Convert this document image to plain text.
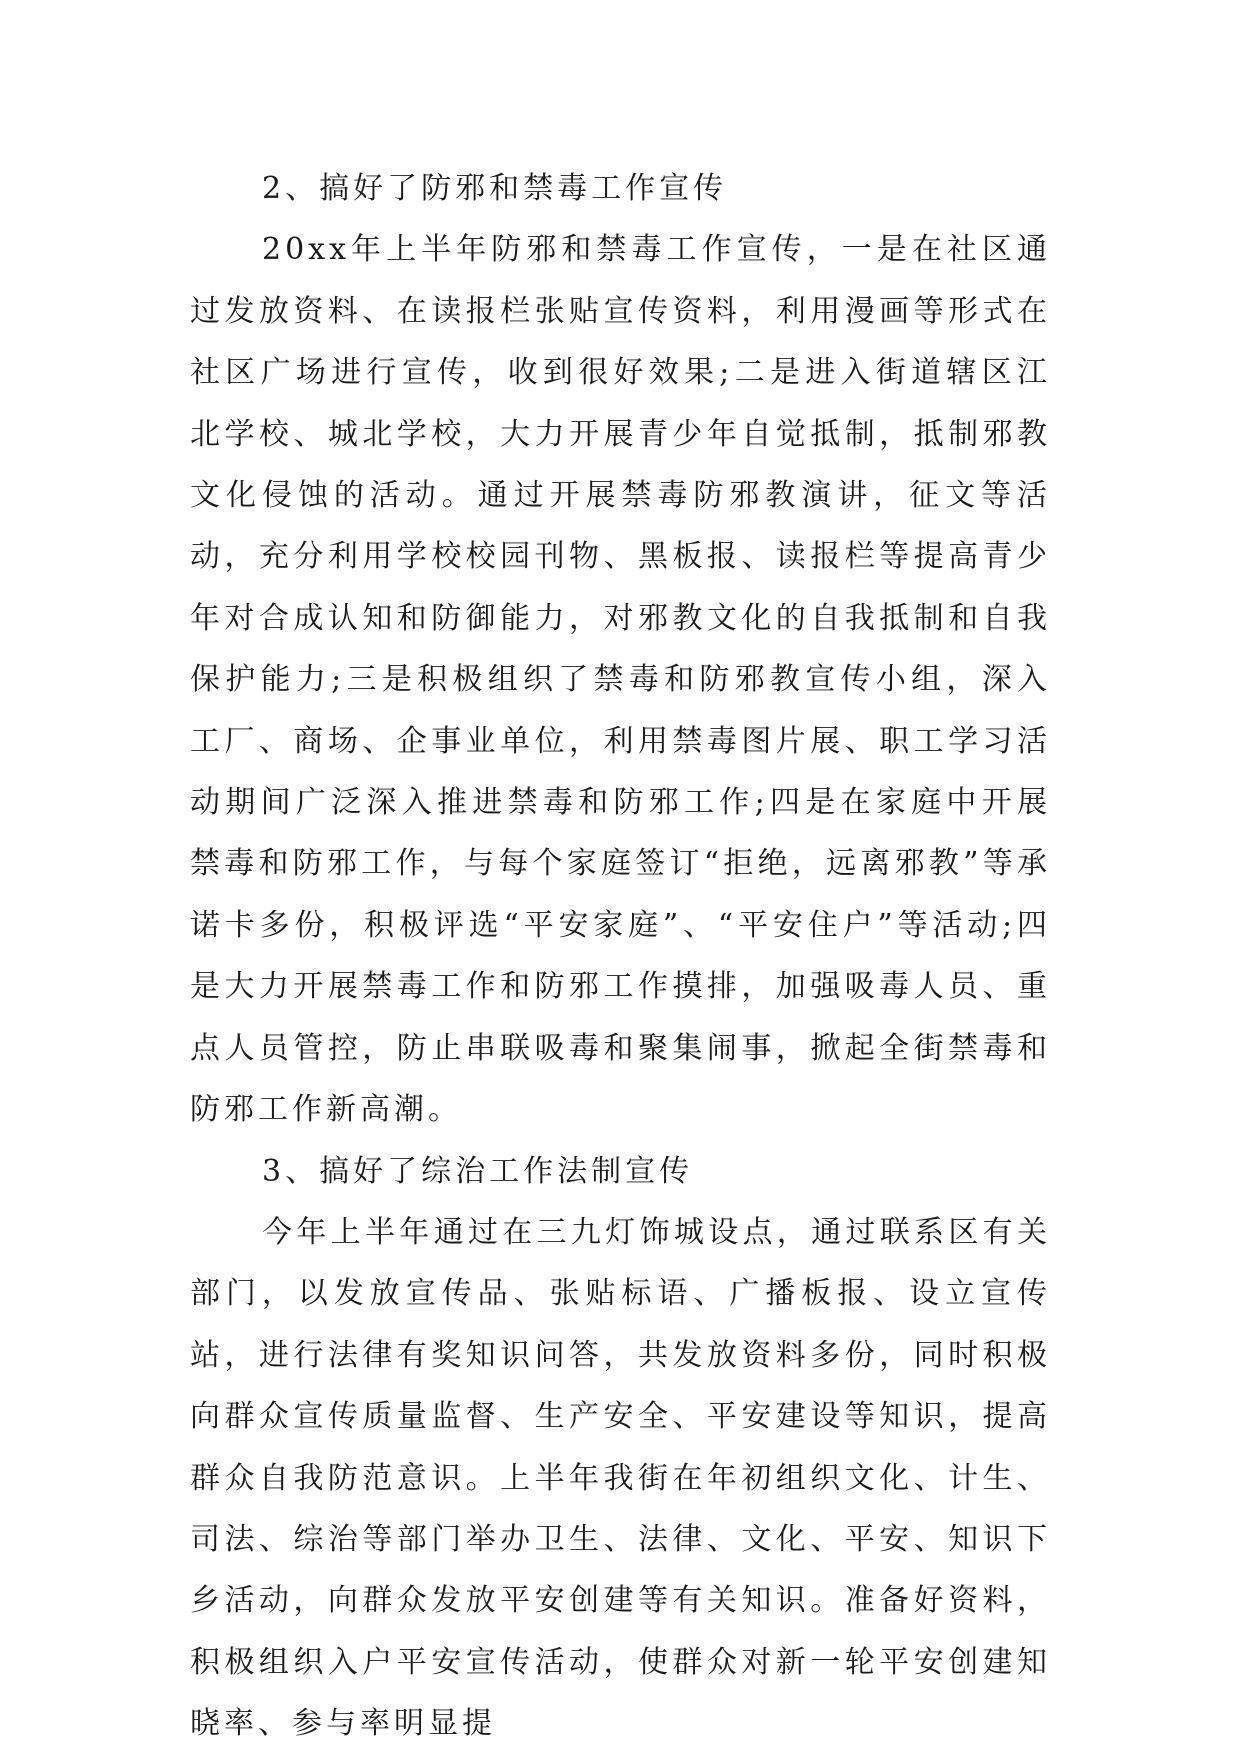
2、搞好了防邪和禁毒工作宣传

20xx年上半年防邪和禁毒工作宣传，一是在社区通过发放资料、在读报栏张贴宣传资料，利用漫画等形式在社区广场进行宣传，收到很好效果;二是进入街道辖区江北学校、城北学校，大力开展青少年自觉抵制，抵制邪教文化侵蚀的活动。通过开展禁毒防邪教演讲，征文等活动，充分利用学校校园刊物、黑板报、读报栏等提高青少年对合成认知和防御能力，对邪教文化的自我抵制和自我保护能力;三是积极组织了禁毒和防邪教宣传小组，深入工厂、商场、企事业单位，利用禁毒图片展、职工学习活动期间广泛深入推进禁毒和防邪工作;四是在家庭中开展禁毒和防邪工作，与每个家庭签订“拒绝，远离邪教”等承诺卡多份，积极评选“平安家庭”、“平安住户”等活动;四是大力开展禁毒工作和防邪工作摸排，加强吸毒人员、重点人员管控，防止串联吸毒和聚集闹事，掀起全街禁毒和防邪工作新高潮。

3、搞好了综治工作法制宣传

今年上半年通过在三九灯饰城设点，通过联系区有关部门，以发放宣传品、张贴标语、广播板报、设立宣传站，进行法律有奖知识问答，共发放资料多份，同时积极向群众宣传质量监督、生产安全、平安建设等知识，提高群众自我防范意识。上半年我街在年初组织文化、计生、司法、综治等部门举办卫生、法律、文化、平安、知识下乡活动，向群众发放平安创建等有关知识。准备好资料，积极组织入户平安宣传活动，使群众对新一轮平安创建知晓率、参与率明显提
